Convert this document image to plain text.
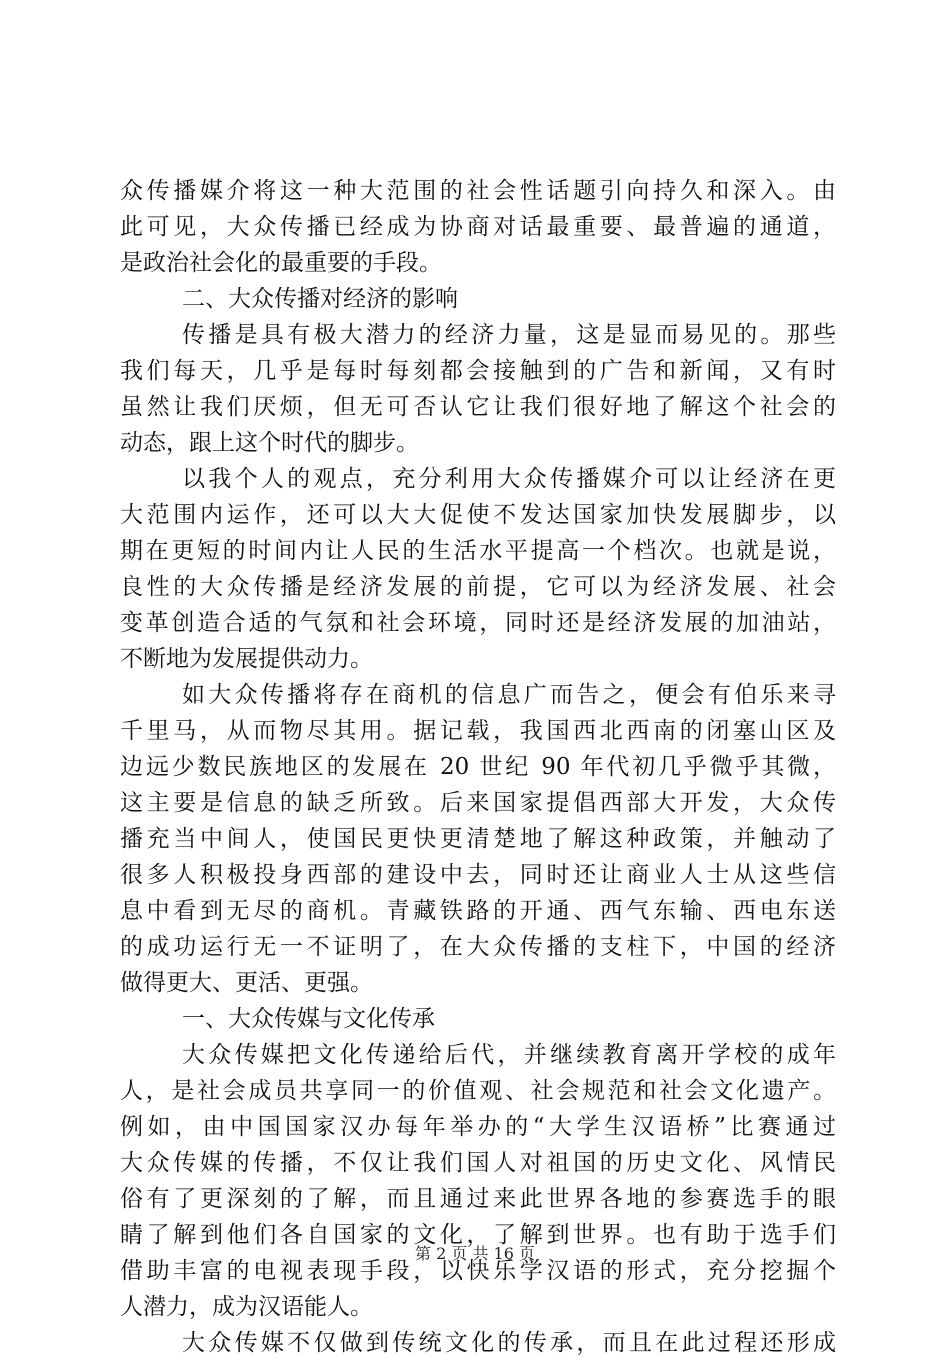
众传播媒介将这一种大范围的社会性话题引向持久和深入。由
此可见，大众传播已经成为协商对话最重要、最普遍的通道，
是政治社会化的最重要的手段。
二、大众传播对经济的影响
传播是具有极大潜力的经济力量，这是显而易见的。那些
我们每天，几乎是每时每刻都会接触到的广告和新闻，又有时
虽然让我们厌烦，但无可否认它让我们很好地了解这个社会的
动态，跟上这个时代的脚步。
以我个人的观点，充分利用大众传播媒介可以让经济在更
大范围内运作，还可以大大促使不发达国家加快发展脚步，以
期在更短的时间内让人民的生活水平提高一个档次。也就是说，
良性的大众传播是经济发展的前提，它可以为经济发展、社会
变革创造合适的气氛和社会环境，同时还是经济发展的加油站，
不断地为发展提供动力。
如大众传播将存在商机的信息广而告之，便会有伯乐来寻
千里马，从而物尽其用。据记载，我国西北西南的闭塞山区及
边远少数民族地区的发展在 20 世纪 90 年代初几乎微乎其微，
这主要是信息的缺乏所致。后来国家提倡西部大开发，大众传
播充当中间人，使国民更快更清楚地了解这种政策，并触动了
很多人积极投身西部的建设中去，同时还让商业人士从这些信
息中看到无尽的商机。青藏铁路的开通、西气东输、西电东送
的成功运行无一不证明了，在大众传播的支柱下，中国的经济
做得更大、更活、更强。
一、大众传媒与文化传承
大众传媒把文化传递给后代，并继续教育离开学校的成年
人，是社会成员共享同一的价值观、社会规范和社会文化遗产。
例如，由中国国家汉办每年举办的“大学生汉语桥”比赛通过
大众传媒的传播，不仅让我们国人对祖国的历史文化、风情民
俗有了更深刻的了解，而且通过来此世界各地的参赛选手的眼
睛了解到他们各自国家的文化，了解到世界。也有助于选手们
借助丰富的电视表现手段，以快乐学汉语的形式，充分挖掘个
人潜力，成为汉语能人。
大众传媒不仅做到传统文化的传承，而且在此过程还形成
第 2 页 共 16 页
